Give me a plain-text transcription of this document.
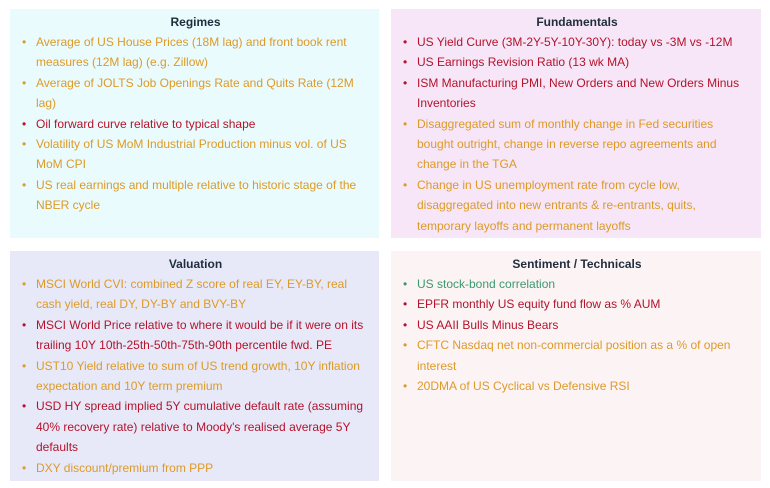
Regimes
• Average of US House Prices (18M lag) and front book rent measures (12M lag) (e.g. Zillow)
• Average of JOLTS Job Openings Rate and Quits Rate (12M lag)
• Oil forward curve relative to typical shape
• Volatility of US MoM Industrial Production minus vol. of US MoM CPI
• US real earnings and multiple relative to historic stage of the NBER cycle
Fundamentals
• US Yield Curve (3M-2Y-5Y-10Y-30Y): today vs -3M vs -12M
• US Earnings Revision Ratio (13 wk MA)
• ISM Manufacturing PMI, New Orders and New Orders Minus Inventories
• Disaggregated sum of monthly change in Fed securities bought outright, change in reverse repo agreements and change in the TGA
• Change in US unemployment rate from cycle low, disaggregated into new entrants & re-entrants, quits, temporary layoffs and permanent layoffs
Valuation
• MSCI World CVI: combined Z score of real EY, EY-BY, real cash yield, real DY, DY-BY and BVY-BY
• MSCI World Price relative to where it would be if it were on its trailing 10Y 10th-25th-50th-75th-90th percentile fwd. PE
• UST10 Yield relative to sum of US trend growth, 10Y inflation expectation and 10Y term premium
• USD HY spread implied 5Y cumulative default rate (assuming 40% recovery rate) relative to Moody's realised average 5Y defaults
• DXY discount/premium from PPP
Sentiment / Technicals
• US stock-bond correlation
• EPFR monthly US equity fund flow as % AUM
• US AAII Bulls Minus Bears
• CFTC Nasdaq net non-commercial position as a % of open interest
• 20DMA of US Cyclical vs Defensive RSI
